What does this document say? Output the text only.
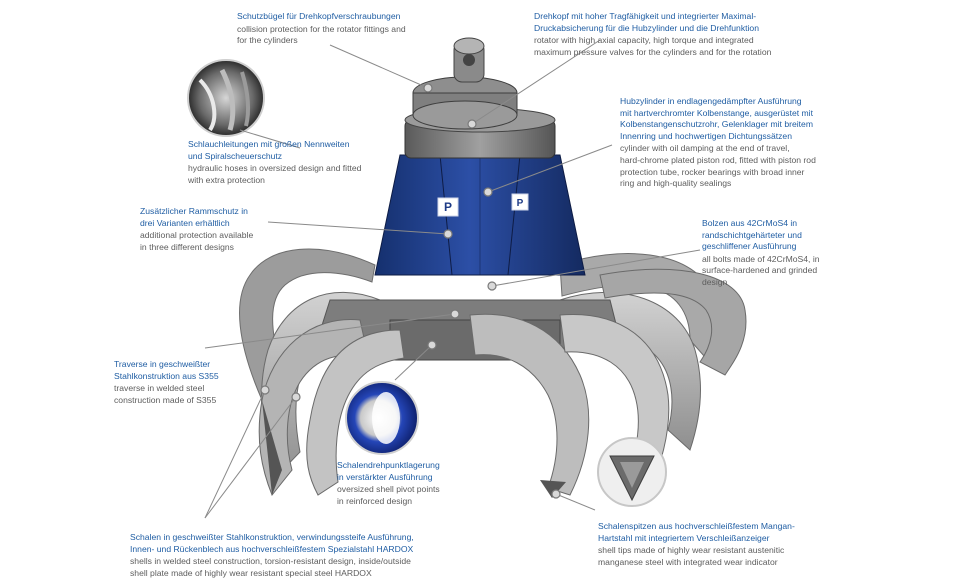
P	P
Schutzbügel für Drehkopfverschraubungen
collision protection for the rotator fittings and
for the cylinders
Drehkopf mit hoher Tragfähigkeit und integrierter Maximal-
Druckabsicherung für die Hubzylinder und die Drehfunktion
rotator with high axial capacity, high torque and integrated
maximum pressure valves for the cylinders and for the rotation
Schlauchleitungen mit großen Nennweiten
und Spiralscheuerschutz
hydraulic hoses in oversized design and fitted
with extra protection
Hubzylinder in endlagengedämpfter Ausführung
mit hartverchromter Kolbenstange, ausgerüstet mit
Kolbenstangenschutzrohr, Gelenklager mit breitem
Innenring und hochwertigen Dichtungssätzen
cylinder with oil damping at the end of travel,
hard-chrome plated piston rod, fitted with piston rod
protection tube, rocker bearings with broad inner
ring and high-quality sealings
Zusätzlicher Rammschutz in
drei Varianten erhältlich
additional protection available
in three different designs
Bolzen aus 42CrMoS4 in
randschichtgehärteter und
geschliffener Ausführung
all bolts made of 42CrMoS4, in
surface-hardened and grinded
design
Traverse in geschweißter
Stahlkonstruktion aus S355
traverse in welded steel
construction made of S355
Schalendrehpunktlagerung
in verstärkter Ausführung
oversized shell pivot points
in reinforced design
Schalen in geschweißter Stahlkonstruktion, verwindungssteife Ausführung,
Innen- und Rückenblech aus hochverschleißfestem Spezialstahl HARDOX
shells in welded steel construction, torsion-resistant design, inside/outside
shell plate made of highly wear resistant special steel HARDOX
Schalenspitzen aus hochverschleißfestem Mangan-
Hartstahl mit integriertem Verschleißanzeiger
shell tips made of highly wear resistant austenitic
manganese steel with integrated wear indicator
